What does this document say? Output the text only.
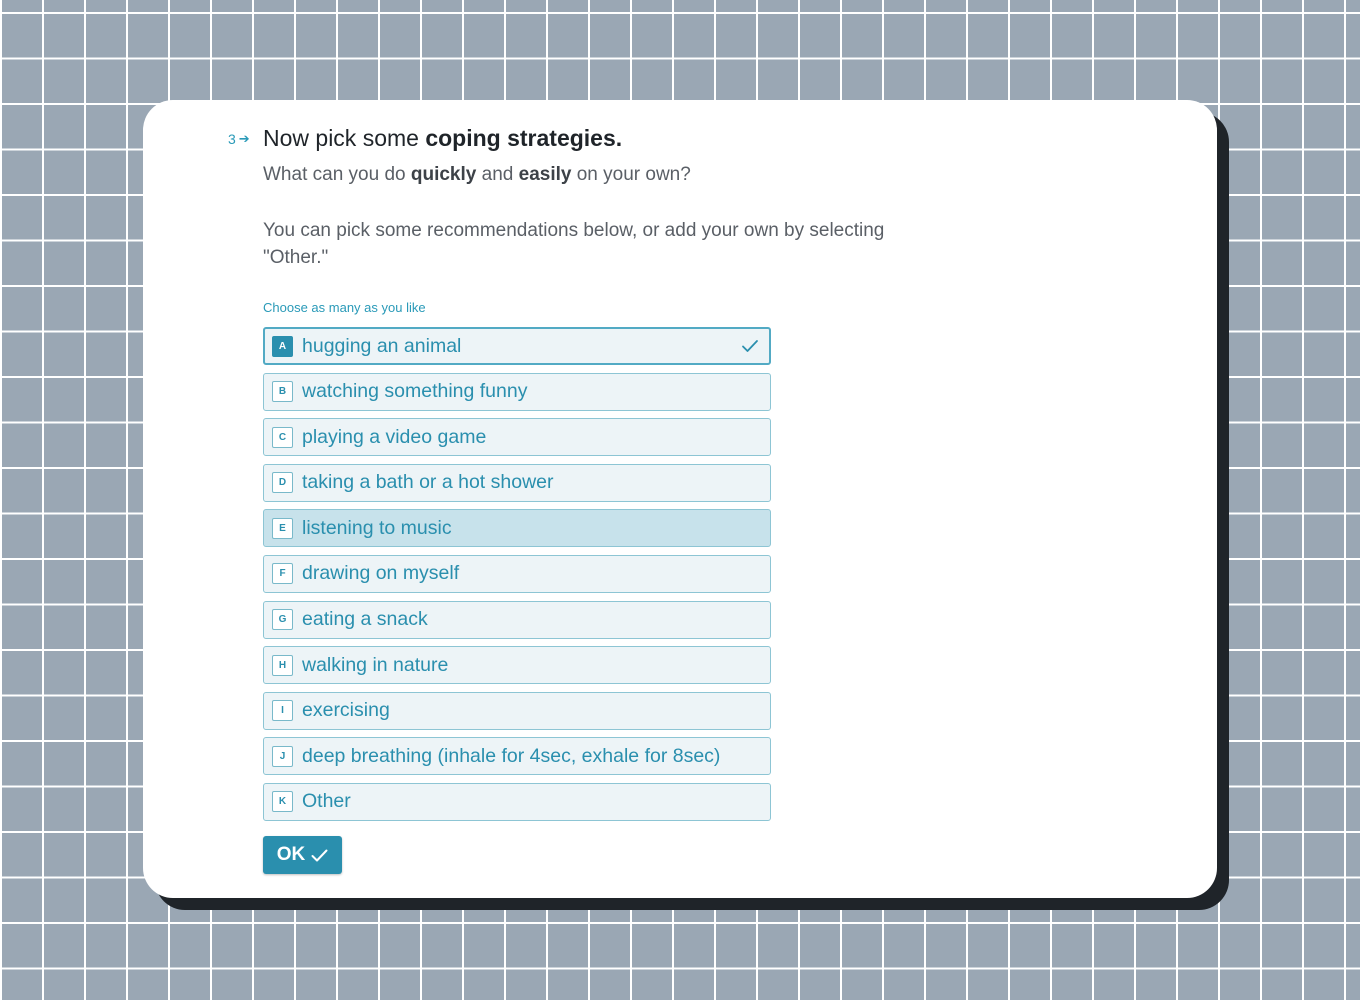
3 ➔ Now pick some coping strategies.
What can you do quickly and easily on your own?
You can pick some recommendations below, or add your own by selecting "Other."
Choose as many as you like
A hugging an animal
B watching something funny
C playing a video game
D taking a bath or a hot shower
E listening to music
F drawing on myself
G eating a snack
H walking in nature
I exercising
J deep breathing (inhale for 4sec, exhale for 8sec)
K Other
OK
